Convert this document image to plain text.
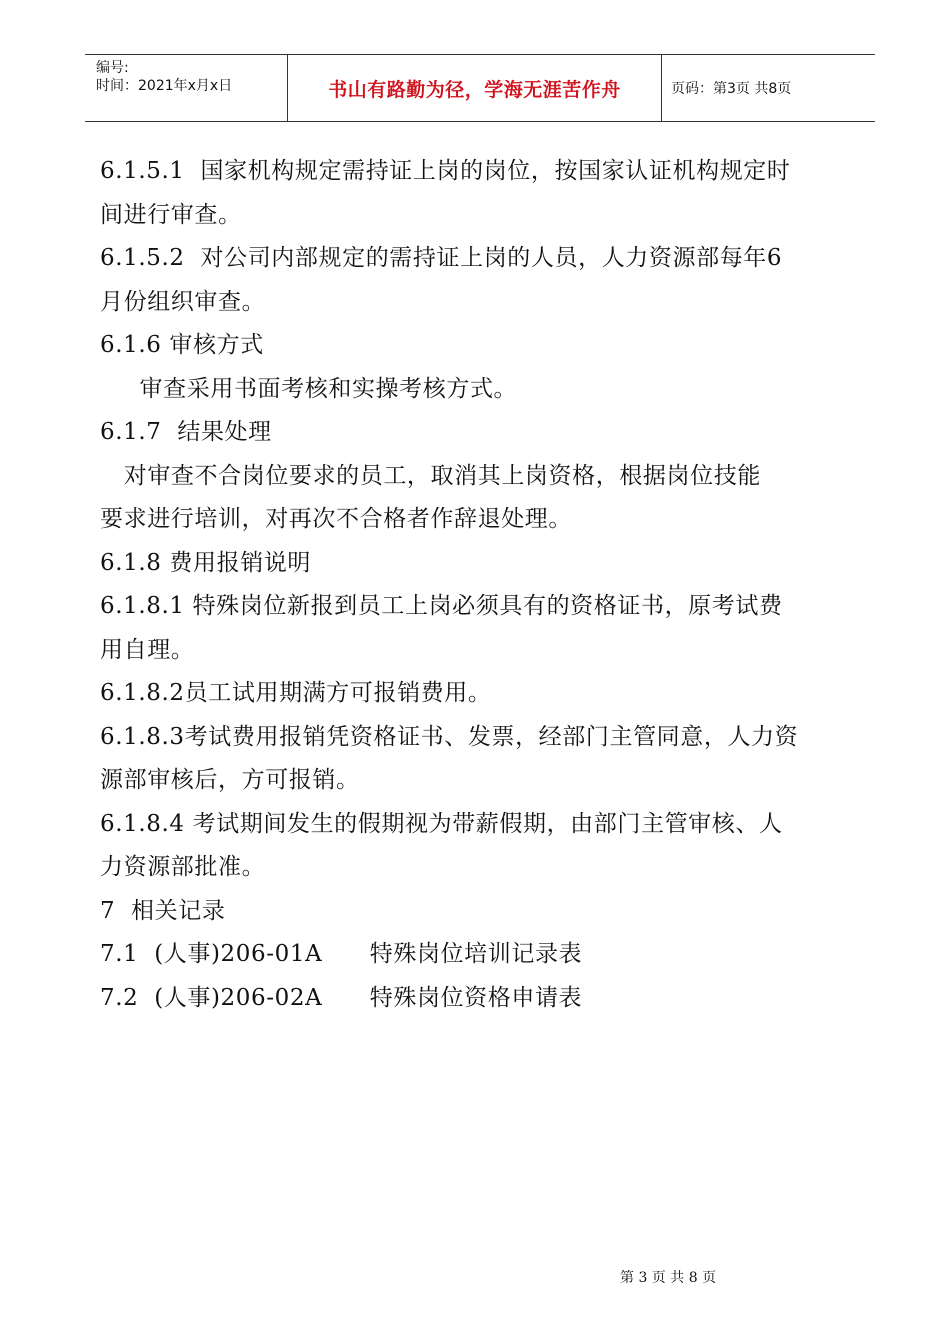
编号:
时间：2021年x月x日	书山有路勤为径，学海无涯苦作舟	页码：第3页 共8页
6.1.5.1  国家机构规定需持证上岗的岗位，按国家认证机构规定时
间进行审查。
6.1.5.2  对公司内部规定的需持证上岗的人员，人力资源部每年6
月份组织审查。
6.1.6 审核方式
审查采用书面考核和实操考核方式。
6.1.7  结果处理
对审查不合岗位要求的员工，取消其上岗资格，根据岗位技能
要求进行培训，对再次不合格者作辞退处理。
6.1.8 费用报销说明
6.1.8.1 特殊岗位新报到员工上岗必须具有的资格证书，原考试费
用自理。
6.1.8.2员工试用期满方可报销费用。
6.1.8.3考试费用报销凭资格证书、发票，经部门主管同意，人力资
源部审核后，方可报销。
6.1.8.4 考试期间发生的假期视为带薪假期，由部门主管审核、人
力资源部批准。
7  相关记录
7.1  (人事)206-01A      特殊岗位培训记录表
7.2  (人事)206-02A      特殊岗位资格申请表
第 3 页 共 8 页
